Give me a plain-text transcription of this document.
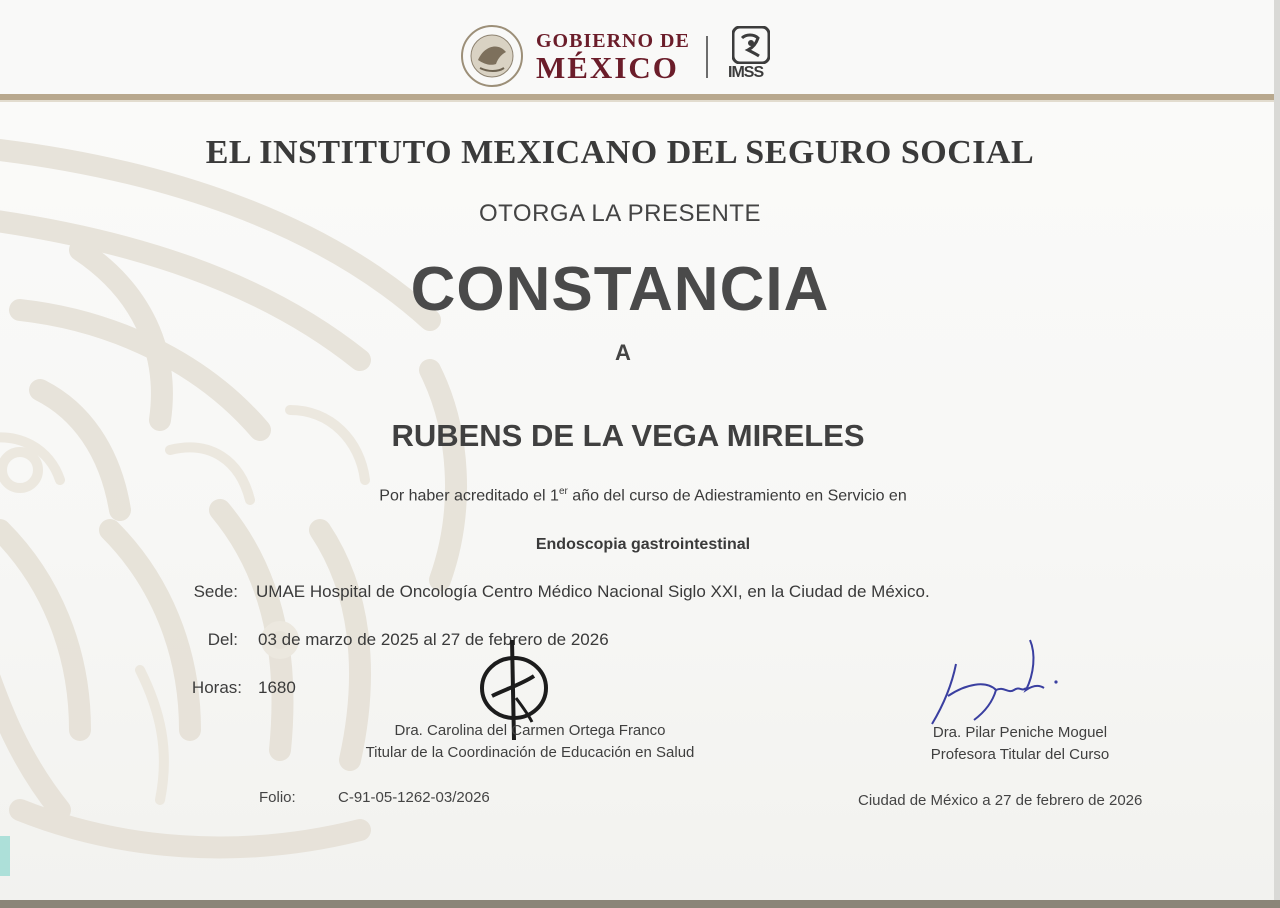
GOBIERNO DE
MÉXICO	IMSS
EL INSTITUTO MEXICANO DEL SEGURO SOCIAL
OTORGA LA PRESENTE
CONSTANCIA
A
RUBENS DE LA VEGA MIRELES
Por haber acreditado el 1er año del curso de Adiestramiento en Servicio en
Endoscopia gastrointestinal
Sede: UMAE Hospital de Oncología Centro Médico Nacional Siglo XXI, en la Ciudad de México.
Del: 03 de marzo de 2025 al 27 de febrero de 2026
Horas: 1680
Dra. Carolina del Carmen Ortega Franco
Titular de la Coordinación de Educación en Salud
Dra. Pilar Peniche Moguel
Profesora Titular del Curso
Folio:	C-91-05-1262-03/2026	Ciudad de México a 27 de febrero de 2026
